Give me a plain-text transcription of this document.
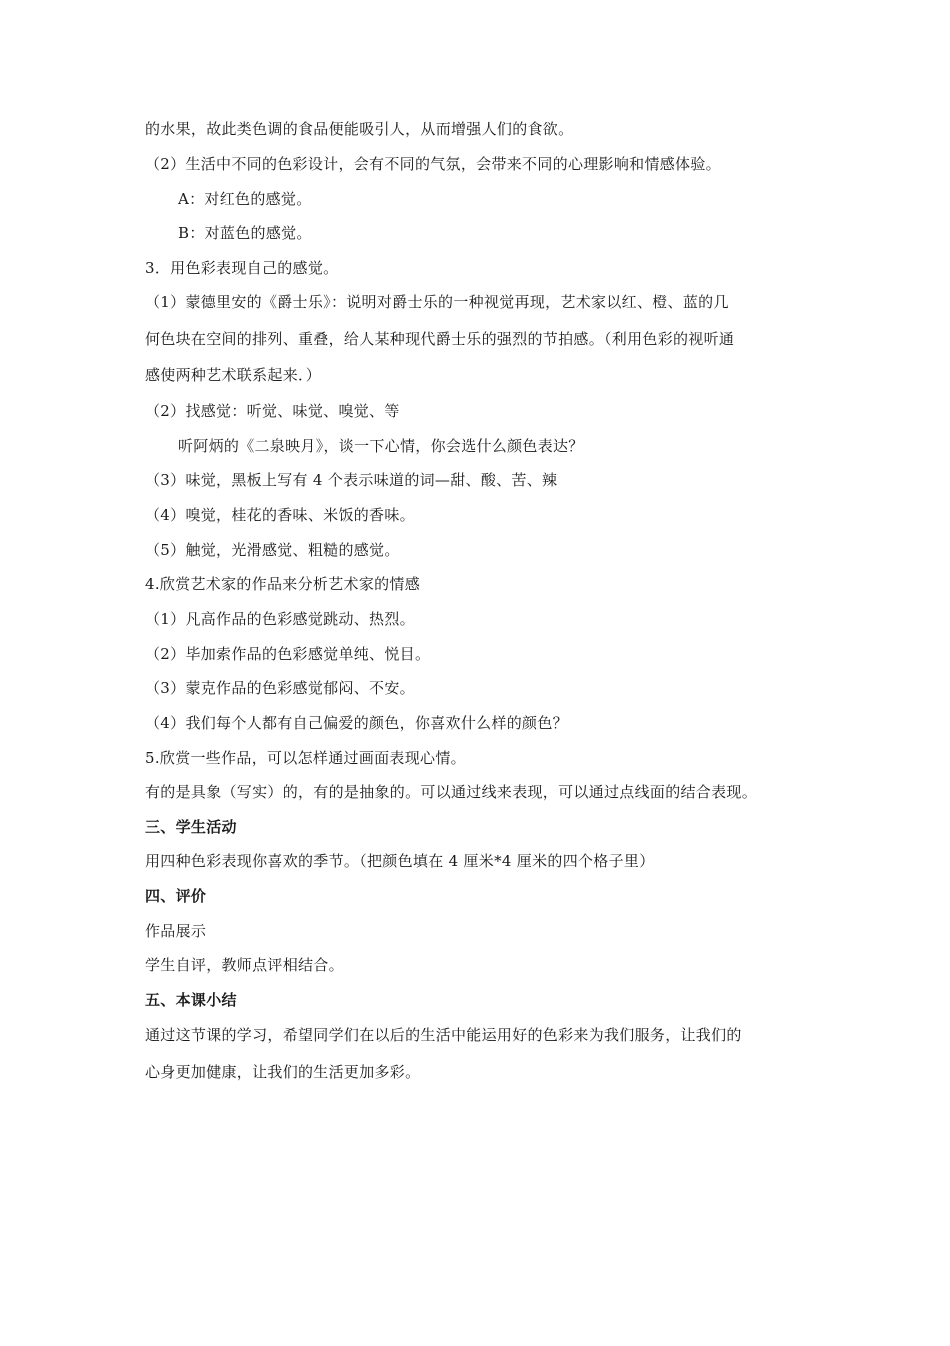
的水果，故此类色调的食品便能吸引人，从而增强人们的食欲。
（2）生活中不同的色彩设计，会有不同的气氛，会带来不同的心理影响和情感体验。
A：对红色的感觉。
B：对蓝色的感觉。
3．用色彩表现自己的感觉。
（1）蒙德里安的《爵士乐》：说明对爵士乐的一种视觉再现，艺术家以红、橙、蓝的几
何色块在空间的排列、重叠，给人某种现代爵士乐的强烈的节拍感。（利用色彩的视听通
感使两种艺术联系起来．）
（2）找感觉：听觉、味觉、嗅觉、等
听阿炳的《二泉映月》，谈一下心情，你会选什么颜色表达？
（3）味觉，黑板上写有 4 个表示味道的词—甜、酸、苦、辣
（4）嗅觉，桂花的香味、米饭的香味。
（5）触觉，光滑感觉、粗糙的感觉。
4.欣赏艺术家的作品来分析艺术家的情感
（1）凡高作品的色彩感觉跳动、热烈。
（2）毕加索作品的色彩感觉单纯、悦目。
（3）蒙克作品的色彩感觉郁闷、不安。
（4）我们每个人都有自己偏爱的颜色，你喜欢什么样的颜色？
5.欣赏一些作品，可以怎样通过画面表现心情。
有的是具象（写实）的，有的是抽象的。可以通过线来表现，可以通过点线面的结合表现。
三、学生活动
用四种色彩表现你喜欢的季节。（把颜色填在 4 厘米*4 厘米的四个格子里）
四、评价
作品展示
学生自评，教师点评相结合。
五、本课小结
通过这节课的学习，希望同学们在以后的生活中能运用好的色彩来为我们服务，让我们的
心身更加健康，让我们的生活更加多彩。
